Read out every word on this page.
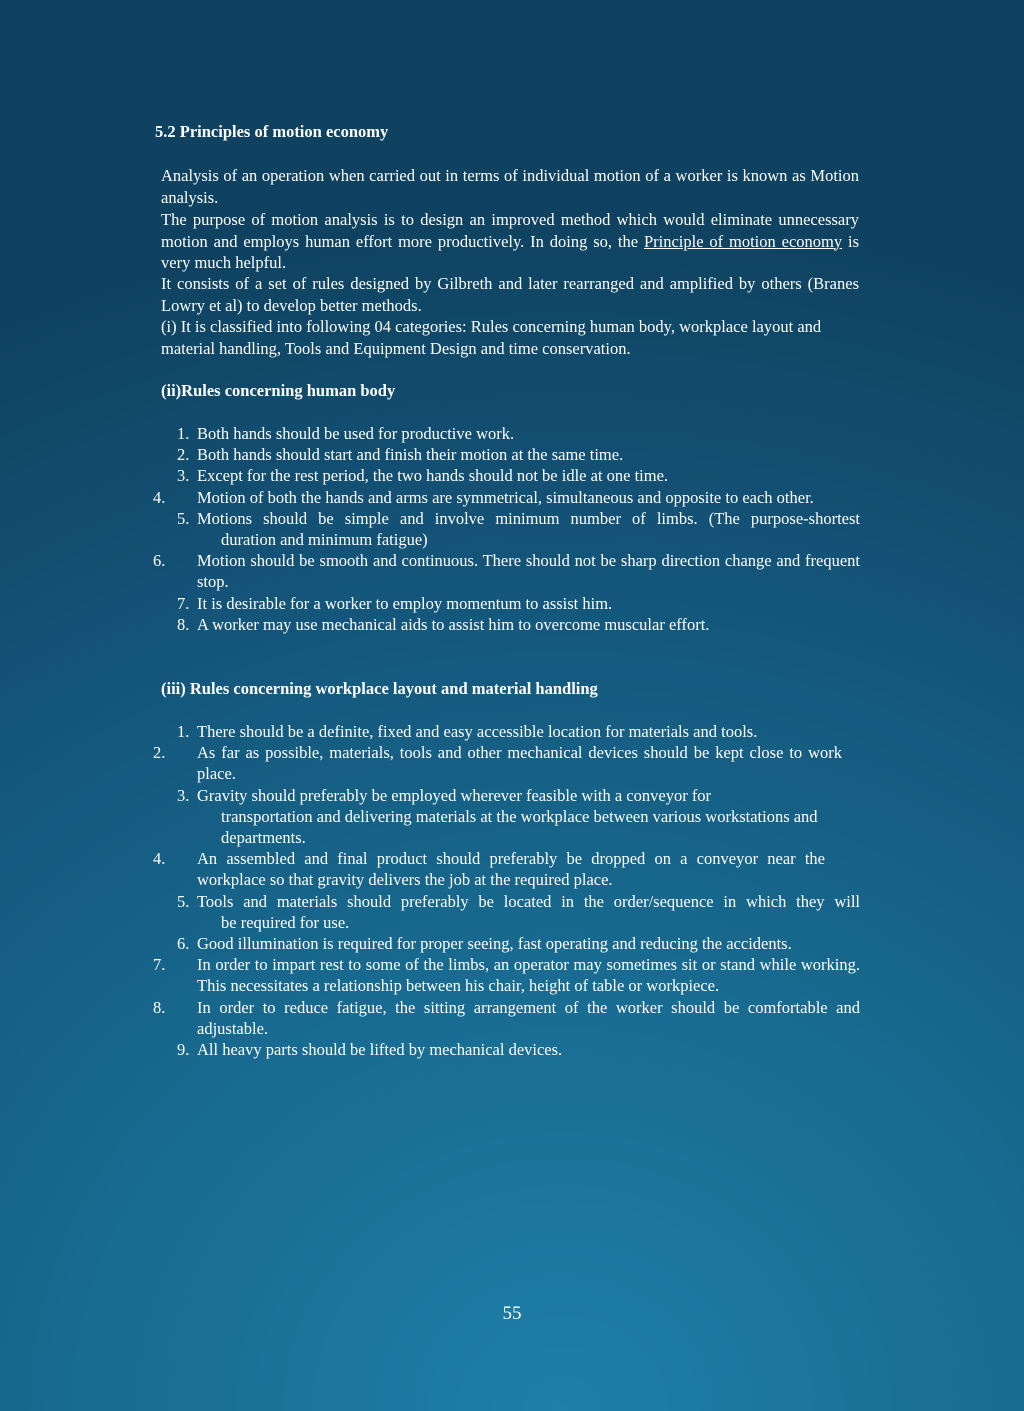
5.2 Principles of motion economy

Analysis of an operation when carried out in terms of individual motion of a worker is known as Motion analysis.

The purpose of motion analysis is to design an improved method which would eliminate unnecessary motion and employs human effort more productively. In doing so, the Principle of motion economy is very much helpful.

It consists of a set of rules designed by Gilbreth and later rearranged and amplified by others (Branes Lowry et al) to develop better methods.

(i) It is classified into following 04 categories: Rules concerning human body, workplace layout and material handling, Tools and Equipment Design and time conservation.

(ii)Rules concerning human body

1. Both hands should be used for productive work.
2. Both hands should start and finish their motion at the same time.
3. Except for the rest period, the two hands should not be idle at one time.
4. Motion of both the hands and arms are symmetrical, simultaneous and opposite to each other.
5. Motions should be simple and involve minimum number of limbs. (The purpose-shortest
duration and minimum fatigue)
6. Motion should be smooth and continuous. There should not be sharp direction change and frequent stop.
7. It is desirable for a worker to employ momentum to assist him.
8. A worker may use mechanical aids to assist him to overcome muscular effort.

(iii) Rules concerning workplace layout and material handling

1. There should be a definite, fixed and easy accessible location for materials and tools.
2. As far as possible, materials, tools and other mechanical devices should be kept close to work place.
3. Gravity should preferably be employed wherever feasible with a conveyor for
transportation and delivering materials at the workplace between various workstations and departments.
4. An assembled and final product should preferably be dropped on a conveyor near the workplace so that gravity delivers the job at the required place.
5. Tools and materials should preferably be located in the order/sequence in which they will
be required for use.
6. Good illumination is required for proper seeing, fast operating and reducing the accidents.
7. In order to impart rest to some of the limbs, an operator may sometimes sit or stand while working. This necessitates a relationship between his chair, height of table or workpiece.
8. In order to reduce fatigue, the sitting arrangement of the worker should be comfortable and adjustable.
9. All heavy parts should be lifted by mechanical devices.

55
